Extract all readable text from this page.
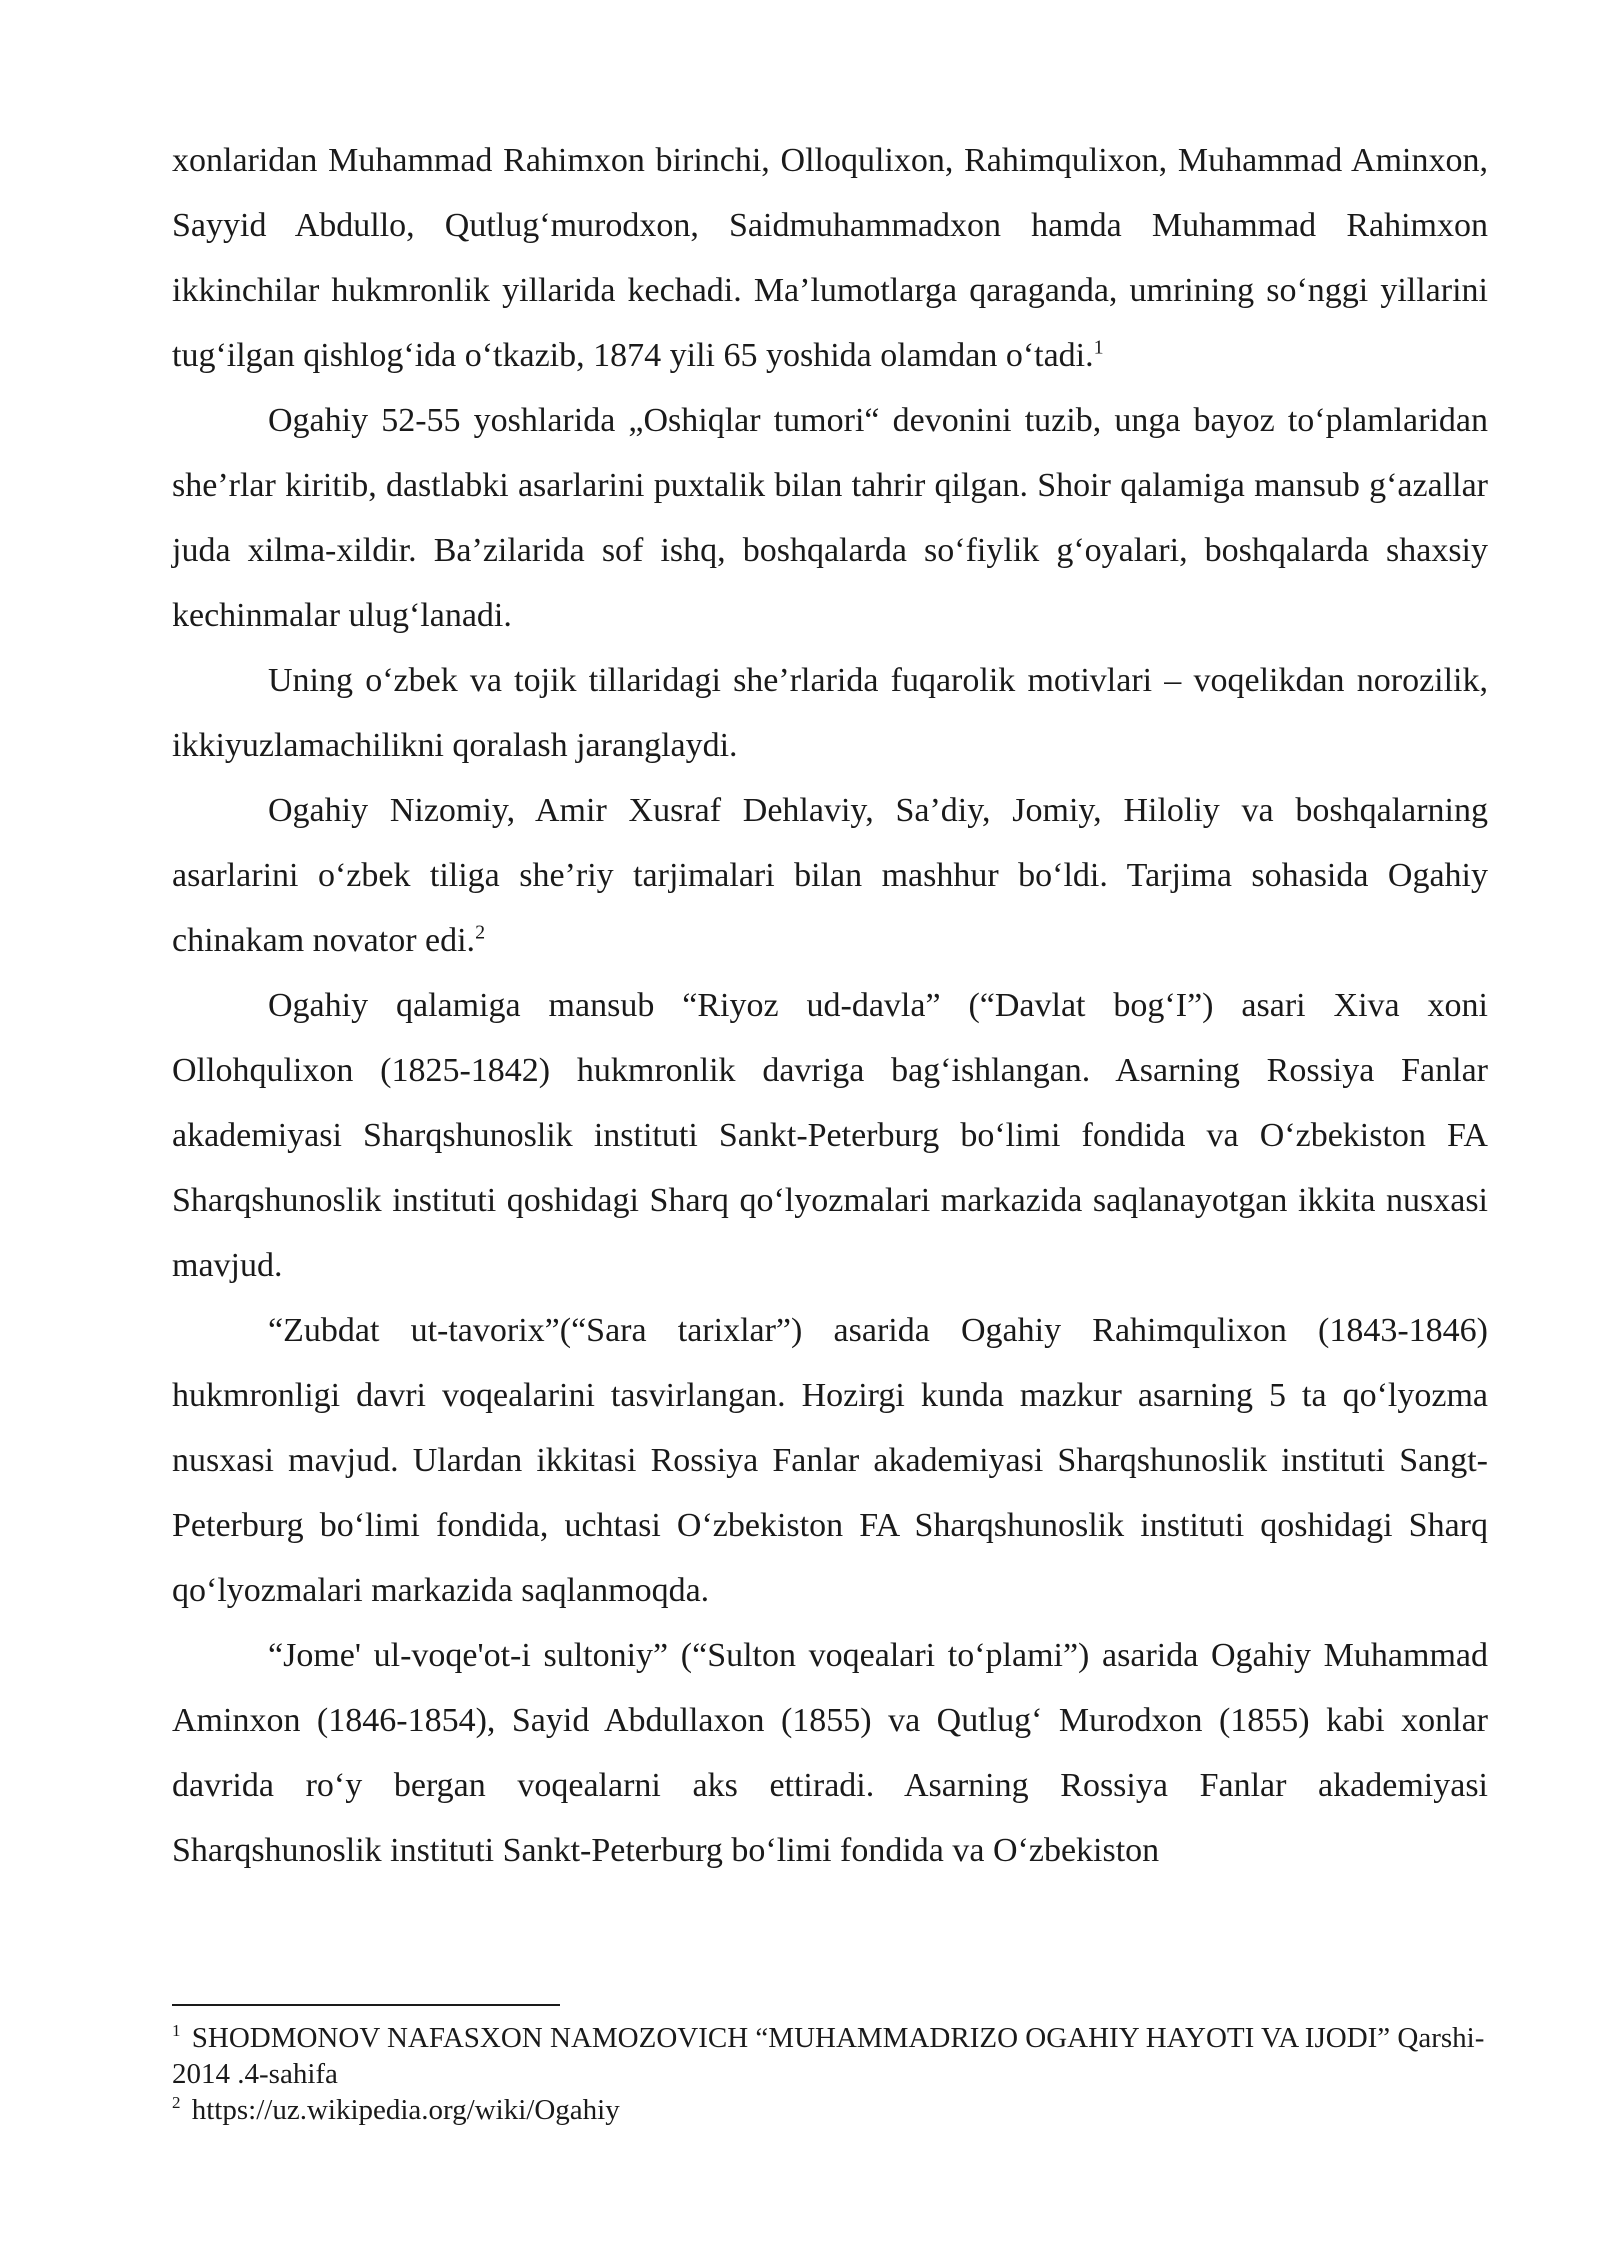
xonlaridan Muhammad Rahimxon birinchi, Olloqulixon, Rahimqulixon, Muhammad Aminxon, Sayyid Abdullo, Qutlug‘murodxon, Saidmuhammadxon hamda Muhammad Rahimxon ikkinchilar hukmronlik yillarida kechadi. Ma’lumotlarga qaraganda, umrining so‘nggi yillarini tug‘ilgan qishlog‘ida o‘tkazib, 1874 yili 65 yoshida olamdan o‘tadi.$^1$

Ogahiy 52-55 yoshlarida „Oshiqlar tumori“ devonini tuzib, unga bayoz to‘plamlaridan she’rlar kiritib, dastlabki asarlarini puxtalik bilan tahrir qilgan. Shoir qalamiga mansub g‘azallar juda xilma-xildir. Ba’zilarida sof ishq, boshqalarda so‘fiylik g‘oyalari, boshqalarda shaxsiy kechinmalar ulug‘lanadi.

Uning o‘zbek va tojik tillaridagi she’rlarida fuqarolik motivlari – voqelikdan norozilik, ikkiyuzlamachilikni qoralash jaranglaydi.

Ogahiy Nizomiy, Amir Xusraf Dehlaviy, Sa’diy, Jomiy, Hiloliy va boshqalarning asarlarini o‘zbek tiliga she’riy tarjimalari bilan mashhur bo‘ldi. Tarjima sohasida Ogahiy chinakam novator edi.$^2$

Ogahiy qalamiga mansub “Riyoz ud-davla” (“Davlat bog‘I”) asari Xiva xoni Ollohqulixon (1825-1842) hukmronlik davriga bag‘ishlangan. Asarning Rossiya Fanlar akademiyasi Sharqshunoslik instituti Sankt-Peterburg bo‘limi fondida va O‘zbekiston FA Sharqshunoslik instituti qoshidagi Sharq qo‘lyozmalari markazida saqlanayotgan ikkita nusxasi mavjud.

“Zubdat ut-tavorix”(“Sara tarixlar”) asarida Ogahiy Rahimqulixon (1843-1846) hukmronligi davri voqealarini tasvirlangan. Hozirgi kunda mazkur asarning 5 ta qo‘lyozma nusxasi mavjud. Ulardan ikkitasi Rossiya Fanlar akademiyasi Sharqshunoslik instituti Sangt-Peterburg bo‘limi fondida, uchtasi O‘zbekiston FA Sharqshunoslik instituti qoshidagi Sharq qo‘lyozmalari markazida saqlanmoqda.

“Jome' ul-voqe'ot-i sultoniy” (“Sulton voqealari to‘plami”) asarida Ogahiy Muhammad Aminxon (1846-1854), Sayid Abdullaxon (1855) va Qutlug‘ Murodxon (1855) kabi xonlar davrida ro‘y bergan voqealarni aks ettiradi. Asarning Rossiya Fanlar akademiyasi Sharqshunoslik instituti Sankt-Peterburg bo‘limi fondida va O‘zbekiston

$^1$ SHODMONOV NAFASXON NAMOZOVICH “MUHAMMADRIZO OGAHIY HAYOTI VA IJODI” Qarshi-2014 .4-sahifa

$^2$ https://uz.wikipedia.org/wiki/Ogahiy
